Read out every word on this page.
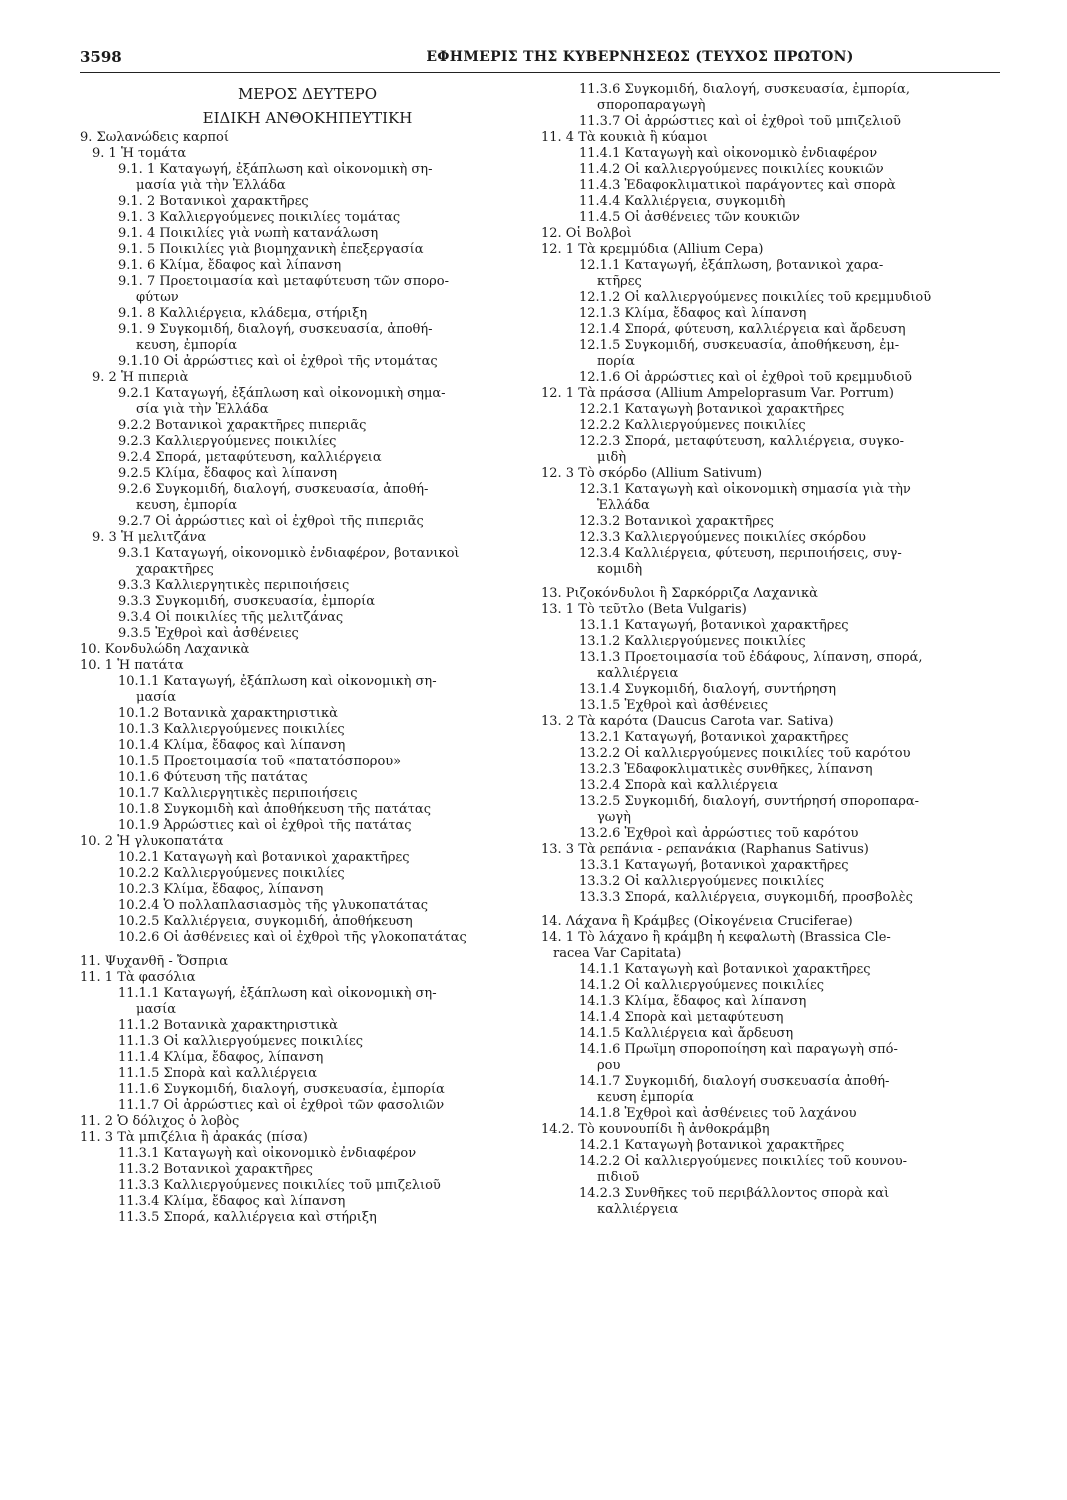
3598	ΕΦΗΜΕΡΙΣ ΤΗΣ ΚΥΒΕΡΝΗΣΕΩΣ (ΤΕΥΧΟΣ ΠΡΩΤΟΝ)
ΜΕΡΟΣ ΔΕΥΤΕΡΟ
ΕΙΔΙΚΗ ΑΝΘΟΚΗΠΕΥΤΙΚΗ
9. Σωλανώδεις καρποί
9. 1 Ἡ τομάτα
9.1. 1 Καταγωγή, ἐξάπλωση καὶ οἰκονομικὴ ση-
μασία γιὰ τὴν Ἑλλάδα
9.1. 2 Βοτανικοὶ χαρακτῆρες
9.1. 3 Καλλιεργούμενες ποικιλίες τομάτας
9.1. 4 Ποικιλίες γιὰ νωπὴ κατανάλωση
9.1. 5 Ποικιλίες γιὰ βιομηχανικὴ ἐπεξεργασία
9.1. 6 Κλίμα, ἔδαφος καὶ λίπανση
9.1. 7 Προετοιμασία καὶ μεταφύτευση τῶν σπορο-
φύτων
9.1. 8 Καλλιέργεια, κλάδεμα, στήριξη
9.1. 9 Συγκομιδή, διαλογή, συσκευασία, ἀποθή-
κευση, ἐμπορία
9.1.10 Οἱ ἀρρώστιες καὶ οἱ ἐχθροὶ τῆς ντομάτας
9. 2 Ἡ πιπεριὰ
9.2.1 Καταγωγή, ἐξάπλωση καὶ οἰκονομικὴ σημα-
σία γιὰ τὴν Ἑλλάδα
9.2.2 Βοτανικοὶ χαρακτῆρες πιπεριᾶς
9.2.3 Καλλιεργούμενες ποικιλίες
9.2.4 Σπορά, μεταφύτευση, καλλιέργεια
9.2.5 Κλίμα, ἔδαφος καὶ λίπανση
9.2.6 Συγκομιδή, διαλογή, συσκευασία, ἀποθή-
κευση, ἐμπορία
9.2.7 Οἱ ἀρρώστιες καὶ οἱ ἐχθροὶ τῆς πιπεριᾶς
9. 3 Ἡ μελιτζάνα
9.3.1 Καταγωγή, οἰκονομικὸ ἐνδιαφέρον, βοτανικοὶ
χαρακτῆρες
9.3.3 Καλλιεργητικὲς περιποιήσεις
9.3.3 Συγκομιδή, συσκευασία, ἐμπορία
9.3.4 Οἱ ποικιλίες τῆς μελιτζάνας
9.3.5 Ἐχθροὶ καὶ ἀσθένειες
10. Κονδυλώδη Λαχανικὰ
10. 1 Ἡ πατάτα
10.1.1 Καταγωγή, ἐξάπλωση καὶ οἰκονομικὴ ση-
μασία
10.1.2 Βοτανικὰ χαρακτηριστικὰ
10.1.3 Καλλιεργούμενες ποικιλίες
10.1.4 Κλίμα, ἔδαφος καὶ λίπανση
10.1.5 Προετοιμασία τοῦ «πατατόσπορου»
10.1.6 Φύτευση τῆς πατάτας
10.1.7 Καλλιεργητικὲς περιποιήσεις
10.1.8 Συγκομιδὴ καὶ ἀποθήκευση τῆς πατάτας
10.1.9 Ἀρρώστιες καὶ οἱ ἐχθροὶ τῆς πατάτας
10. 2 Ἡ γλυκοπατάτα
10.2.1 Καταγωγὴ καὶ βοτανικοὶ χαρακτῆρες
10.2.2 Καλλιεργούμενες ποικιλίες
10.2.3 Κλίμα, ἔδαφος, λίπανση
10.2.4 Ὁ πολλαπλασιασμὸς τῆς γλυκοπατάτας
10.2.5 Καλλιέργεια, συγκομιδή, ἀποθήκευση
10.2.6 Οἱ ἀσθένειες καὶ οἱ ἐχθροὶ τῆς γλοκοπατάτας
11. Ψυχανθῆ - Ὄσπρια
11. 1 Τὰ φασόλια
11.1.1 Καταγωγή, ἐξάπλωση καὶ οἰκονομικὴ ση-
μασία
11.1.2 Βοτανικὰ χαρακτηριστικὰ
11.1.3 Οἱ καλλιεργούμενες ποικιλίες
11.1.4 Κλίμα, ἔδαφος, λίπανση
11.1.5 Σπορὰ καὶ καλλιέργεια
11.1.6 Συγκομιδή, διαλογή, συσκευασία, ἐμπορία
11.1.7 Οἱ ἀρρώστιες καὶ οἱ ἐχθροὶ τῶν φασολιῶν
11. 2 Ὁ δόλιχος ὁ λοβὸς
11. 3 Τὰ μπιζέλια ἢ ἀρακάς (πίσα)
11.3.1 Καταγωγὴ καὶ οἰκονομικὸ ἐνδιαφέρον
11.3.2 Βοτανικοὶ χαρακτῆρες
11.3.3 Καλλιεργούμενες ποικιλίες τοῦ μπιζελιοῦ
11.3.4 Κλίμα, ἔδαφος καὶ λίπανση
11.3.5 Σπορά, καλλιέργεια καὶ στήριξη
11.3.6 Συγκομιδή, διαλογή, συσκευασία, ἐμπορία,
σποροπαραγωγὴ
11.3.7 Οἱ ἀρρώστιες καὶ οἱ ἐχθροὶ τοῦ μπιζελιοῦ
11. 4 Τὰ κουκιὰ ἢ κύαμοι
11.4.1 Καταγωγὴ καὶ οἰκονομικὸ ἐνδιαφέρον
11.4.2 Οἱ καλλιεργούμενες ποικιλίες κουκιῶν
11.4.3 Ἐδαφοκλιματικοὶ παράγοντες καὶ σπορὰ
11.4.4 Καλλιέργεια, συγκομιδὴ
11.4.5 Οἱ ἀσθένειες τῶν κουκιῶν
12. Οἱ Βολβοὶ
12. 1 Τὰ κρεμμύδια (Allium Cepa)
12.1.1 Καταγωγή, ἐξάπλωση, βοτανικοὶ χαρα-
κτῆρες
12.1.2 Οἱ καλλιεργούμενες ποικιλίες τοῦ κρεμμυδιοῦ
12.1.3 Κλίμα, ἔδαφος καὶ λίπανση
12.1.4 Σπορά, φύτευση, καλλιέργεια καὶ ἄρδευση
12.1.5 Συγκομιδή, συσκευασία, ἀποθήκευση, ἐμ-
πορία
12.1.6 Οἱ ἀρρώστιες καὶ οἱ ἐχθροὶ τοῦ κρεμμυδιοῦ
12. 1 Τὰ πράσσα (Allium Ampeloprasum Var. Porrum)
12.2.1 Καταγωγὴ βοτανικοὶ χαρακτῆρες
12.2.2 Καλλιεργούμενες ποικιλίες
12.2.3 Σπορά, μεταφύτευση, καλλιέργεια, συγκο-
μιδὴ
12. 3 Τὸ σκόρδο (Allium Sativum)
12.3.1 Καταγωγὴ καὶ οἰκονομικὴ σημασία γιὰ τὴν
Ἑλλάδα
12.3.2 Βοτανικοὶ χαρακτῆρες
12.3.3 Καλλιεργούμενες ποικιλίες σκόρδου
12.3.4 Καλλιέργεια, φύτευση, περιποιήσεις, συγ-
κομιδὴ
13. Ριζοκόνδυλοι ἢ Σαρκόρριζα Λαχανικὰ
13. 1 Τὸ τεῦτλο (Beta Vulgaris)
13.1.1 Καταγωγή, βοτανικοὶ χαρακτῆρες
13.1.2 Καλλιεργούμενες ποικιλίες
13.1.3 Προετοιμασία τοῦ ἐδάφους, λίπανση, σπορά,
καλλιέργεια
13.1.4 Συγκομιδή, διαλογή, συντήρηση
13.1.5 Ἐχθροὶ καὶ ἀσθένειες
13. 2 Τὰ καρότα (Daucus Carota var. Sativa)
13.2.1 Καταγωγή, βοτανικοὶ χαρακτῆρες
13.2.2 Οἱ καλλιεργούμενες ποικιλίες τοῦ καρότου
13.2.3 Ἐδαφοκλιματικὲς συνθῆκες, λίπανση
13.2.4 Σπορὰ καὶ καλλιέργεια
13.2.5 Συγκομιδή, διαλογή, συντήρησή σποροπαρα-
γωγὴ
13.2.6 Ἐχθροὶ καὶ ἀρρώστιες τοῦ καρότου
13. 3 Τὰ ρεπάνια - ρεπανάκια (Raphanus Sativus)
13.3.1 Καταγωγή, βοτανικοὶ χαρακτῆρες
13.3.2 Οἱ καλλιεργούμενες ποικιλίες
13.3.3 Σπορά, καλλιέργεια, συγκομιδή, προσβολὲς
14. Λάχανα ἢ Κράμβες (Οἰκογένεια Cruciferae)
14. 1 Τὸ λάχανο ἢ κράμβη ἡ κεφαλωτὴ (Brassica Cle-
racea Var Capitata)
14.1.1 Καταγωγὴ καὶ βοτανικοὶ χαρακτῆρες
14.1.2 Οἱ καλλιεργούμενες ποικιλίες
14.1.3 Κλίμα, ἔδαφος καὶ λίπανση
14.1.4 Σπορὰ καὶ μεταφύτευση
14.1.5 Καλλιέργεια καὶ ἄρδευση
14.1.6 Πρωϊμη σποροποίηση καὶ παραγωγὴ σπό-
ρου
14.1.7 Συγκομιδή, διαλογή συσκευασία ἀποθή-
κευση ἐμπορία
14.1.8 Ἐχθροὶ καὶ ἀσθένειες τοῦ λαχάνου
14.2. Τὸ κουνουπίδι ἢ ἀνθοκράμβη
14.2.1 Καταγωγὴ βοτανικοὶ χαρακτῆρες
14.2.2 Οἱ καλλιεργούμενες ποικιλίες τοῦ κουνου-
πιδιοῦ
14.2.3 Συνθῆκες τοῦ περιβάλλοντος σπορὰ καὶ
καλλιέργεια
